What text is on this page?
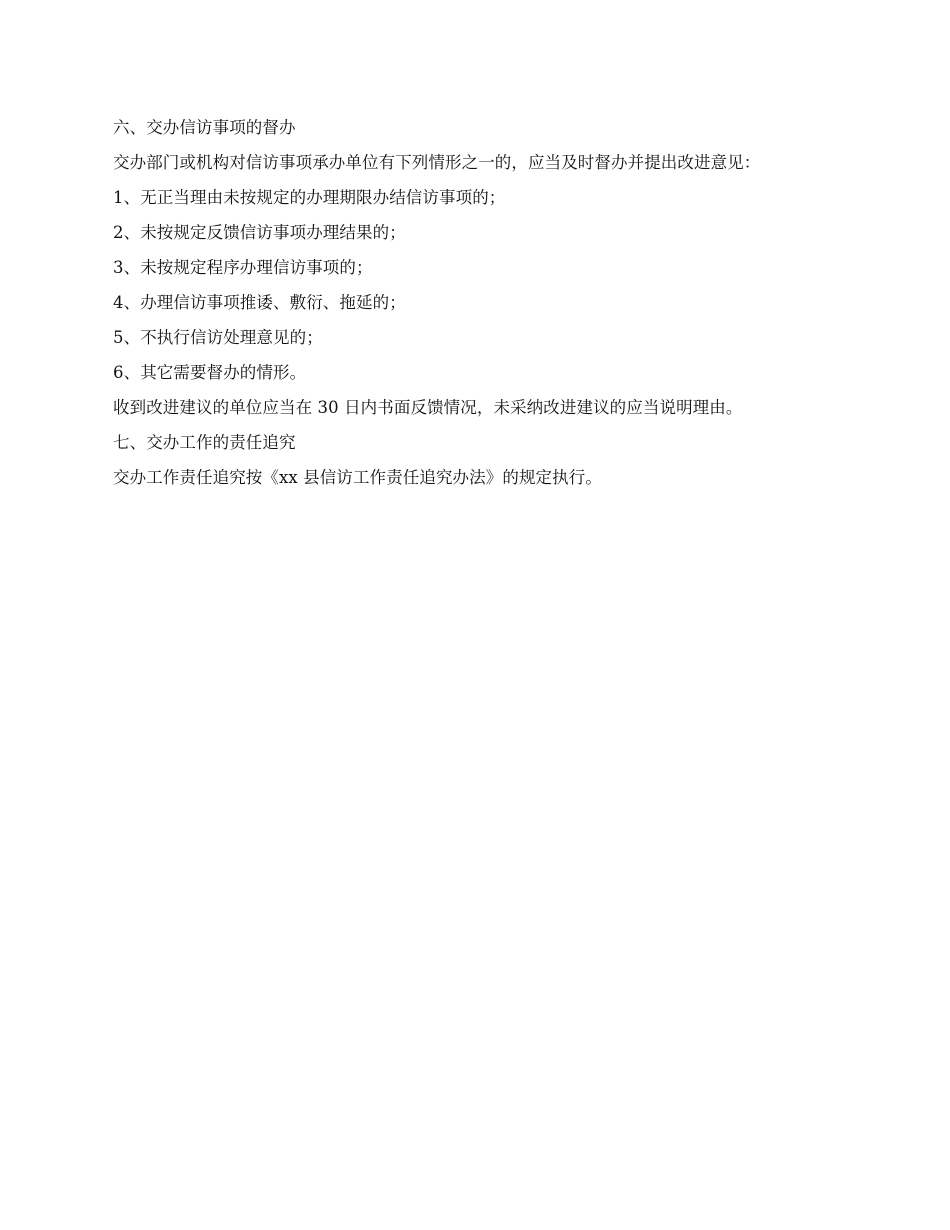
六、交办信访事项的督办
交办部门或机构对信访事项承办单位有下列情形之一的，应当及时督办并提出改进意见：
1、无正当理由未按规定的办理期限办结信访事项的；
2、未按规定反馈信访事项办理结果的；
3、未按规定程序办理信访事项的；
4、办理信访事项推诿、敷衍、拖延的；
5、不执行信访处理意见的；
6、其它需要督办的情形。
收到改进建议的单位应当在 30 日内书面反馈情况，未采纳改进建议的应当说明理由。
七、交办工作的责任追究
交办工作责任追究按《xx 县信访工作责任追究办法》的规定执行。
